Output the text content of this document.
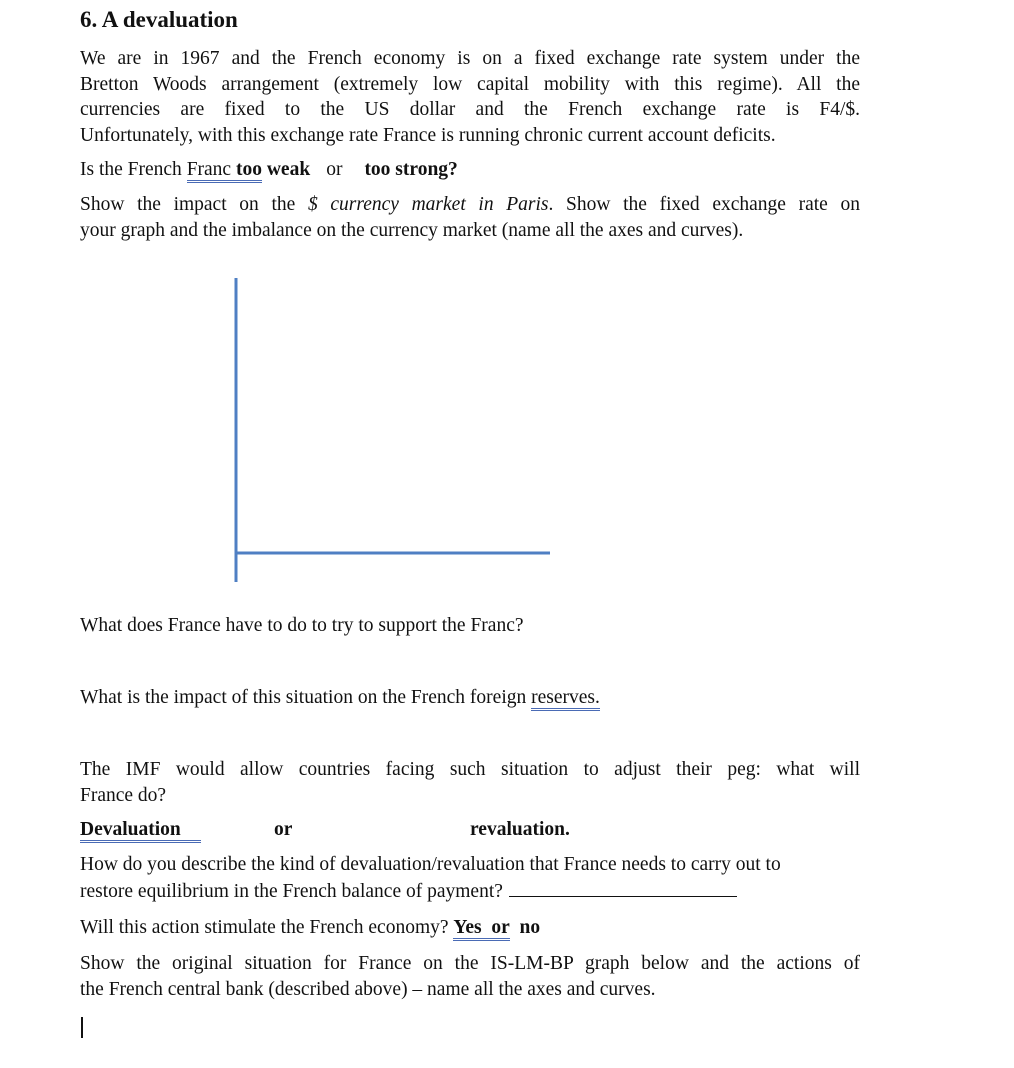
6. A devaluation
We are in 1967 and the French economy is on a fixed exchange rate system under the
Bretton Woods arrangement (extremely low capital mobility with this regime). All the
currencies are fixed to the US dollar and the French exchange rate is F4/$.
Unfortunately, with this exchange rate France is running chronic current account deficits.
Is the French Franc too weak or too strong?
Show the impact on the $ currency market in Paris. Show the fixed exchange rate on
your graph and the imbalance on the currency market (name all the axes and curves).
What does France have to do to try to support the Franc?
What is the impact of this situation on the French foreign reserves.
The IMF would allow countries facing such situation to adjust their peg: what will
France do?
Devaluation	or	revaluation.
How do you describe the kind of devaluation/revaluation that France needs to carry out to
restore equilibrium in the French balance of payment?
Will this action stimulate the French economy? Yes or no
Show the original situation for France on the IS-LM-BP graph below and the actions of
the French central bank (described above) – name all the axes and curves.
